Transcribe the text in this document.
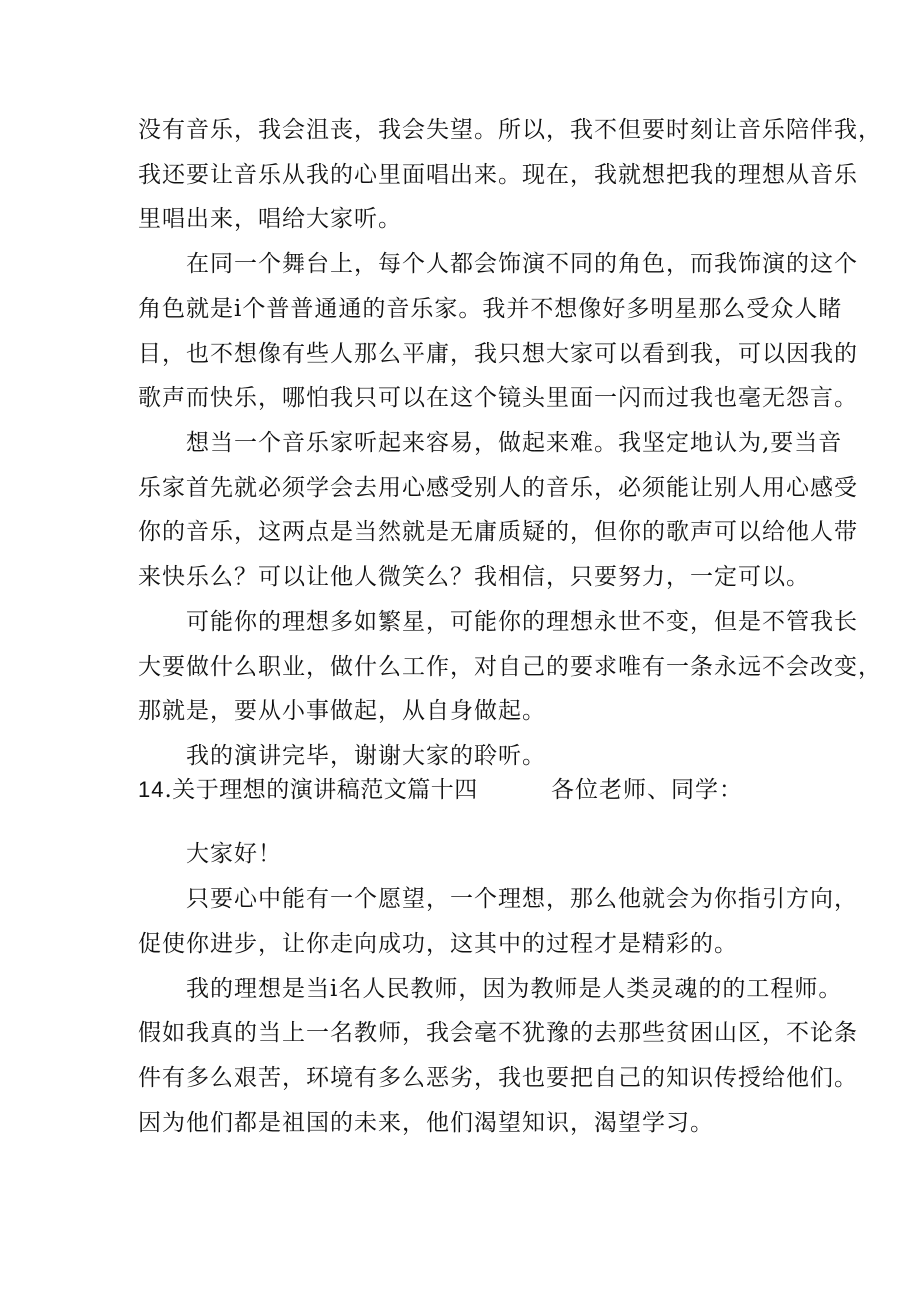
没有音乐，我会沮丧，我会失望。所以，我不但要时刻让音乐陪伴我，
我还要让音乐从我的心里面唱出来。现在，我就想把我的理想从音乐
里唱出来，唱给大家听。
在同一个舞台上，每个人都会饰演不同的角色，而我饰演的这个
角色就是i个普普通通的音乐家。我并不想像好多明星那么受众人睹
目，也不想像有些人那么平庸，我只想大家可以看到我，可以因我的
歌声而快乐，哪怕我只可以在这个镜头里面一闪而过我也毫无怨言。
想当一个音乐家听起来容易，做起来难。我坚定地认为,要当音
乐家首先就必须学会去用心感受别人的音乐，必须能让别人用心感受
你的音乐，这两点是当然就是无庸质疑的，但你的歌声可以给他人带
来快乐么？可以让他人微笑么？我相信，只要努力，一定可以。
可能你的理想多如繁星，可能你的理想永世不变，但是不管我长
大要做什么职业，做什么工作，对自己的要求唯有一条永远不会改变，
那就是，要从小事做起，从自身做起。
我的演讲完毕，谢谢大家的聆听。
14.关于理想的演讲稿范文篇十四	各位老师、同学：
大家好！
只要心中能有一个愿望，一个理想，那么他就会为你指引方向，
促使你进步，让你走向成功，这其中的过程才是精彩的。
我的理想是当i名人民教师，因为教师是人类灵魂的的工程师。
假如我真的当上一名教师，我会毫不犹豫的去那些贫困山区，不论条
件有多么艰苦，环境有多么恶劣，我也要把自己的知识传授给他们。
因为他们都是祖国的未来，他们渴望知识，渴望学习。
